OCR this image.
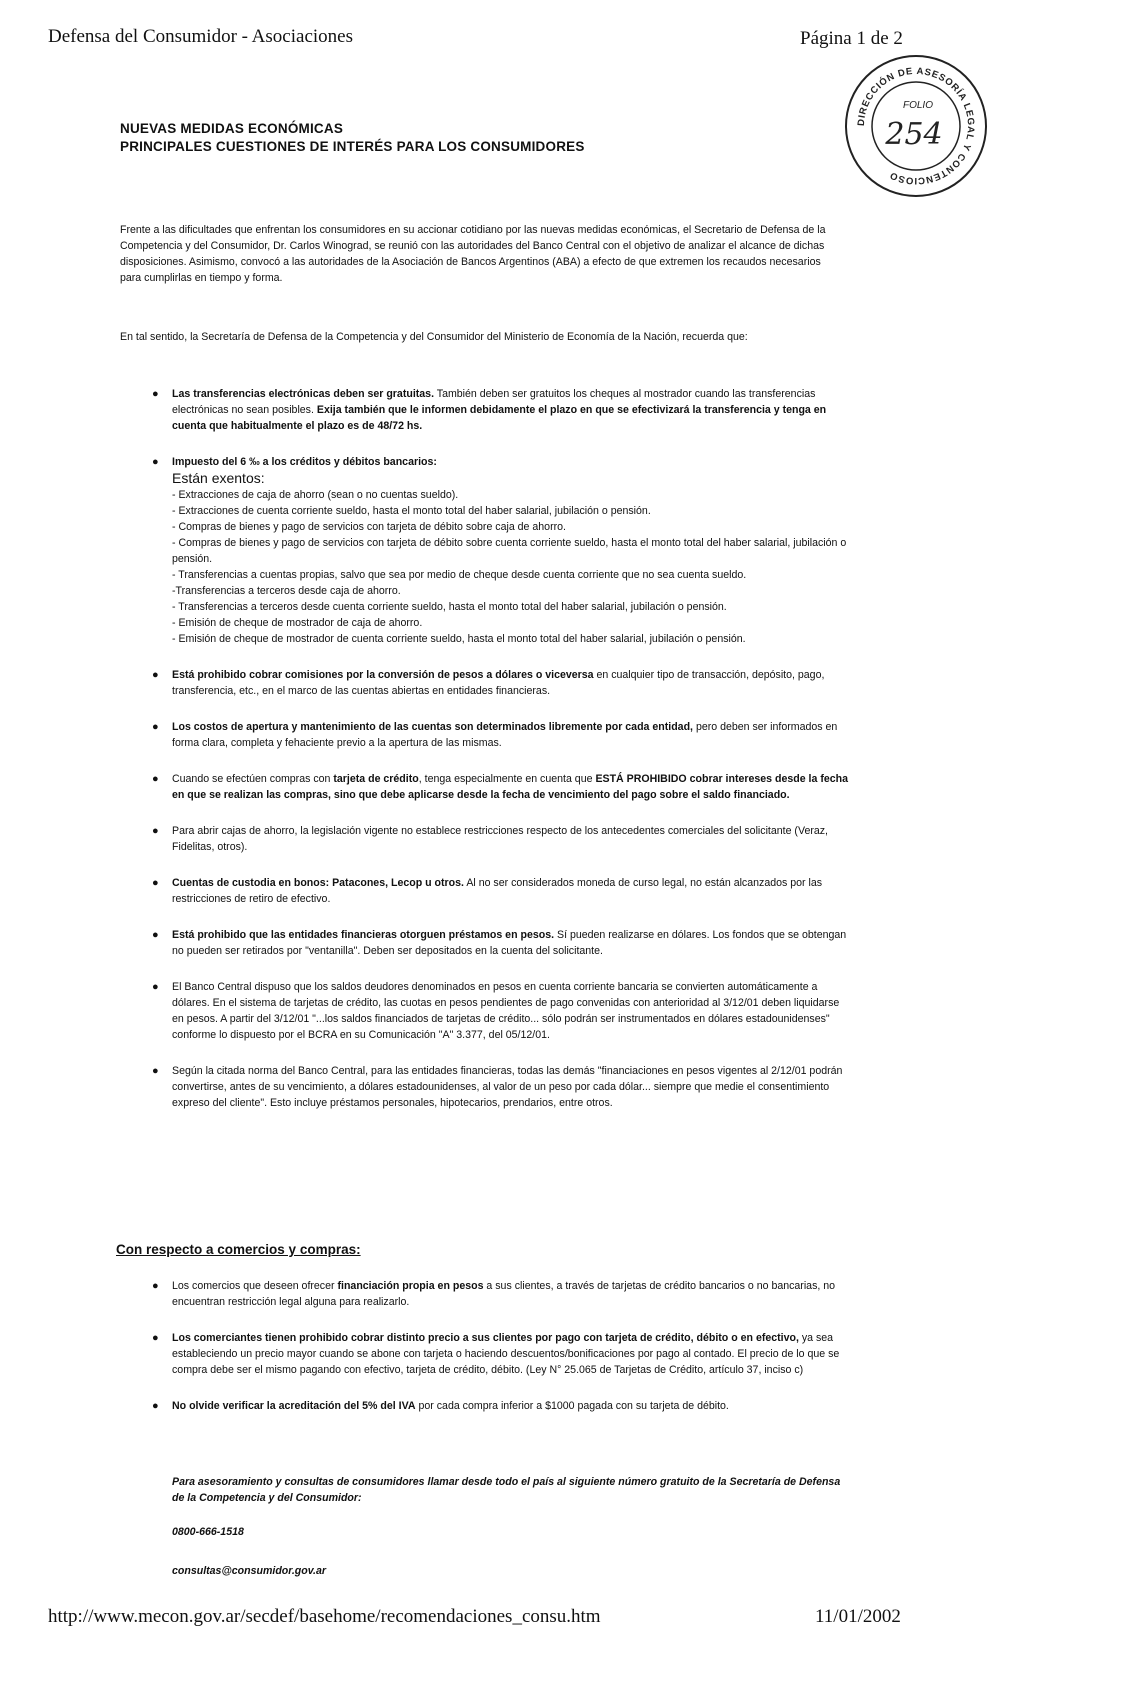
Defensa del Consumidor - Asociaciones	Página 1 de 2
DIRECCIÓN DE ASESORÍA LEGAL Y CONTENCIOSO
FOLIO
254
NUEVAS MEDIDAS ECONÓMICAS
PRINCIPALES CUESTIONES DE INTERÉS PARA LOS CONSUMIDORES
Frente a las dificultades que enfrentan los consumidores en su accionar cotidiano por las nuevas medidas económicas, el Secretario de Defensa de la Competencia y del Consumidor, Dr. Carlos Winograd, se reunió con las autoridades del Banco Central con el objetivo de analizar el alcance de dichas disposiciones. Asimismo, convocó a las autoridades de la Asociación de Bancos Argentinos (ABA) a efecto de que extremen los recaudos necesarios para cumplirlas en tiempo y forma.
En tal sentido, la Secretaría de Defensa de la Competencia y del Consumidor del Ministerio de Economía de la Nación, recuerda que:
● Las transferencias electrónicas deben ser gratuitas. También deben ser gratuitos los cheques al mostrador cuando las transferencias electrónicas no sean posibles. Exija también que le informen debidamente el plazo en que se efectivizará la transferencia y tenga en cuenta que habitualmente el plazo es de 48/72 hs.
● Impuesto del 6 ‰ a los créditos y débitos bancarios:
Están exentos:
- Extracciones de caja de ahorro (sean o no cuentas sueldo).
- Extracciones de cuenta corriente sueldo, hasta el monto total del haber salarial, jubilación o pensión.
- Compras de bienes y pago de servicios con tarjeta de débito sobre caja de ahorro.
- Compras de bienes y pago de servicios con tarjeta de débito sobre cuenta corriente sueldo, hasta el monto total del haber salarial, jubilación o pensión.
- Transferencias a cuentas propias, salvo que sea por medio de cheque desde cuenta corriente que no sea cuenta sueldo.
-Transferencias a terceros desde caja de ahorro.
- Transferencias a terceros desde cuenta corriente sueldo, hasta el monto total del haber salarial, jubilación o pensión.
- Emisión de cheque de mostrador de caja de ahorro.
- Emisión de cheque de mostrador de cuenta corriente sueldo, hasta el monto total del haber salarial, jubilación o pensión.
● Está prohibido cobrar comisiones por la conversión de pesos a dólares o viceversa en cualquier tipo de transacción, depósito, pago, transferencia, etc., en el marco de las cuentas abiertas en entidades financieras.
● Los costos de apertura y mantenimiento de las cuentas son determinados libremente por cada entidad, pero deben ser informados en forma clara, completa y fehaciente previo a la apertura de las mismas.
● Cuando se efectúen compras con tarjeta de crédito, tenga especialmente en cuenta que ESTÁ PROHIBIDO cobrar intereses desde la fecha en que se realizan las compras, sino que debe aplicarse desde la fecha de vencimiento del pago sobre el saldo financiado.
● Para abrir cajas de ahorro, la legislación vigente no establece restricciones respecto de los antecedentes comerciales del solicitante (Veraz, Fidelitas, otros).
● Cuentas de custodia en bonos: Patacones, Lecop u otros. Al no ser considerados moneda de curso legal, no están alcanzados por las restricciones de retiro de efectivo.
● Está prohibido que las entidades financieras otorguen préstamos en pesos. Sí pueden realizarse en dólares. Los fondos que se obtengan no pueden ser retirados por "ventanilla". Deben ser depositados en la cuenta del solicitante.
● El Banco Central dispuso que los saldos deudores denominados en pesos en cuenta corriente bancaria se convierten automáticamente a dólares. En el sistema de tarjetas de crédito, las cuotas en pesos pendientes de pago convenidas con anterioridad al 3/12/01 deben liquidarse en pesos. A partir del 3/12/01 "...los saldos financiados de tarjetas de crédito... sólo podrán ser instrumentados en dólares estadounidenses" conforme lo dispuesto por el BCRA en su Comunicación "A" 3.377, del 05/12/01.
● Según la citada norma del Banco Central, para las entidades financieras, todas las demás "financiaciones en pesos vigentes al 2/12/01 podrán convertirse, antes de su vencimiento, a dólares estadounidenses, al valor de un peso por cada dólar... siempre que medie el consentimiento expreso del cliente". Esto incluye préstamos personales, hipotecarios, prendarios, entre otros.
Con respecto a comercios y compras:
● Los comercios que deseen ofrecer financiación propia en pesos a sus clientes, a través de tarjetas de crédito bancarios o no bancarias, no encuentran restricción legal alguna para realizarlo.
● Los comerciantes tienen prohibido cobrar distinto precio a sus clientes por pago con tarjeta de crédito, débito o en efectivo, ya sea estableciendo un precio mayor cuando se abone con tarjeta o haciendo descuentos/bonificaciones por pago al contado. El precio de lo que se compra debe ser el mismo pagando con efectivo, tarjeta de crédito, débito. (Ley N° 25.065 de Tarjetas de Crédito, artículo 37, inciso c)
● No olvide verificar la acreditación del 5% del IVA por cada compra inferior a $1000 pagada con su tarjeta de débito.
Para asesoramiento y consultas de consumidores llamar desde todo el país al siguiente número gratuito de la Secretaría de Defensa de la Competencia y del Consumidor:
0800-666-1518
consultas@consumidor.gov.ar
http://www.mecon.gov.ar/secdef/basehome/recomendaciones_consu.htm	11/01/2002
